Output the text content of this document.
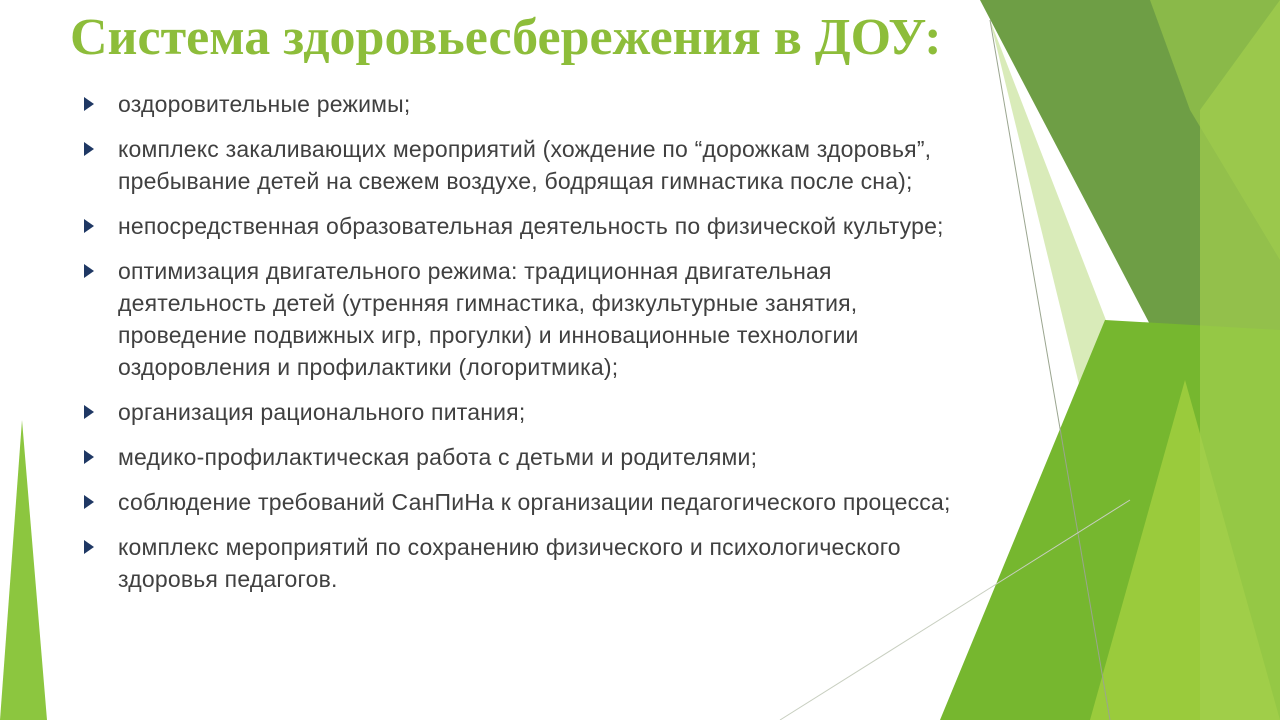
Система здоровьесбережения в ДОУ:
оздоровительные режимы;
комплекс закаливающих мероприятий (хождение по “дорожкам здоровья”, пребывание детей на свежем воздухе, бодрящая гимнастика после сна);
непосредственная образовательная деятельность по физической культуре;
оптимизация двигательного режима: традиционная двигательная деятельность детей (утренняя гимнастика, физкультурные занятия, проведение подвижных игр, прогулки) и инновационные технологии оздоровления и профилактики (логоритмика);
организация рационального питания;
медико-профилактическая работа с детьми и родителями;
соблюдение требований СанПиНа к организации педагогического процесса;
комплекс мероприятий по сохранению физического и психологического здоровья педагогов.
